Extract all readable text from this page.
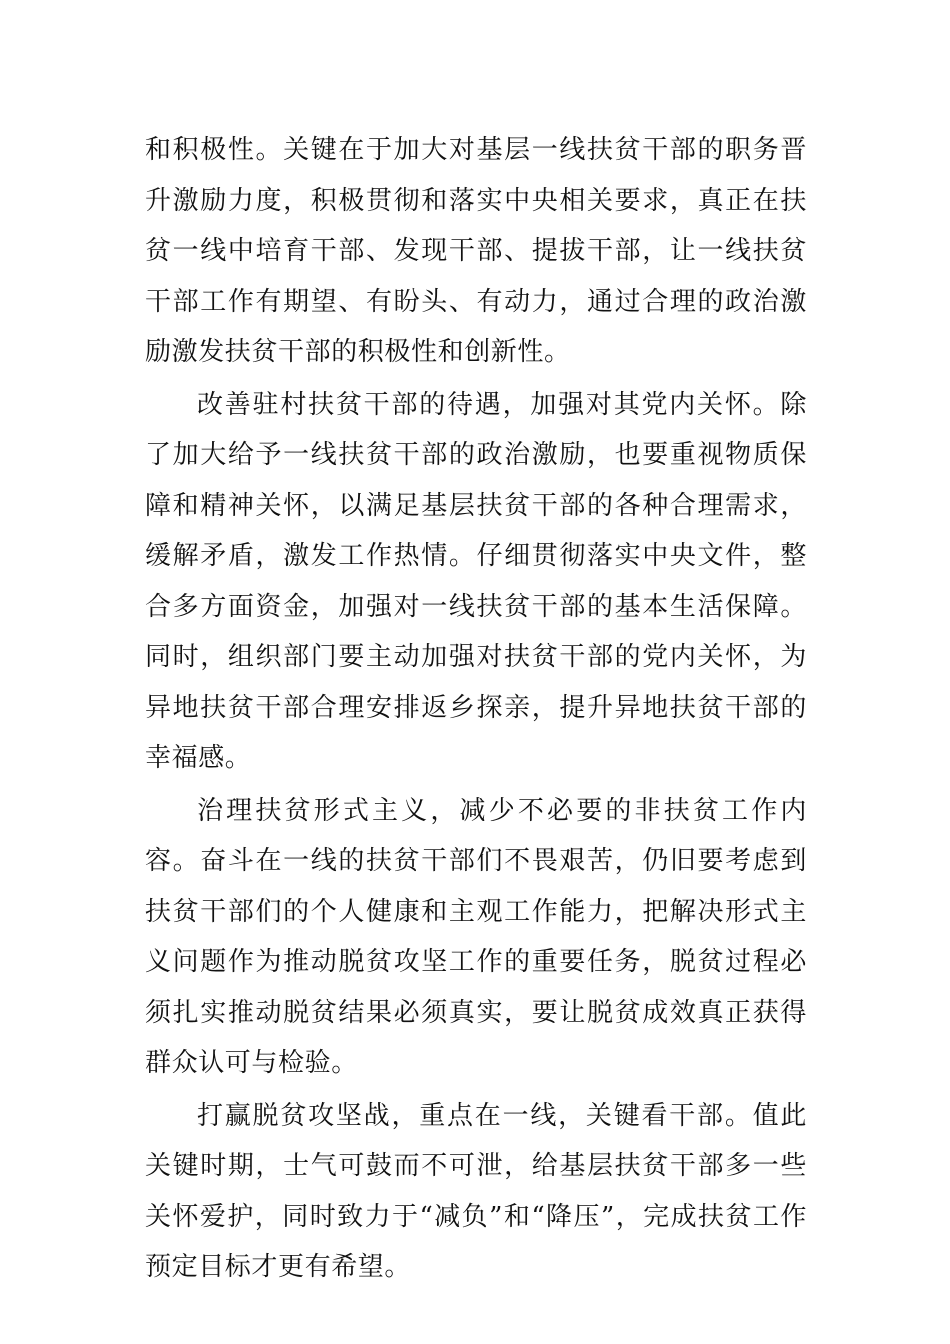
和积极性。关键在于加大对基层一线扶贫干部的职务晋升激励力度，积极贯彻和落实中央相关要求，真正在扶贫一线中培育干部、发现干部、提拔干部，让一线扶贫干部工作有期望、有盼头、有动力，通过合理的政治激励激发扶贫干部的积极性和创新性。

改善驻村扶贫干部的待遇，加强对其党内关怀。除了加大给予一线扶贫干部的政治激励，也要重视物质保障和精神关怀，以满足基层扶贫干部的各种合理需求，缓解矛盾，激发工作热情。仔细贯彻落实中央文件，整合多方面资金，加强对一线扶贫干部的基本生活保障。同时，组织部门要主动加强对扶贫干部的党内关怀，为异地扶贫干部合理安排返乡探亲，提升异地扶贫干部的幸福感。

治理扶贫形式主义，减少不必要的非扶贫工作内容。奋斗在一线的扶贫干部们不畏艰苦，仍旧要考虑到扶贫干部们的个人健康和主观工作能力，把解决形式主义问题作为推动脱贫攻坚工作的重要任务，脱贫过程必须扎实推动脱贫结果必须真实，要让脱贫成效真正获得群众认可与检验。

打赢脱贫攻坚战，重点在一线，关键看干部。值此关键时期，士气可鼓而不可泄，给基层扶贫干部多一些关怀爱护，同时致力于“减负”和“降压”，完成扶贫工作预定目标才更有希望。
